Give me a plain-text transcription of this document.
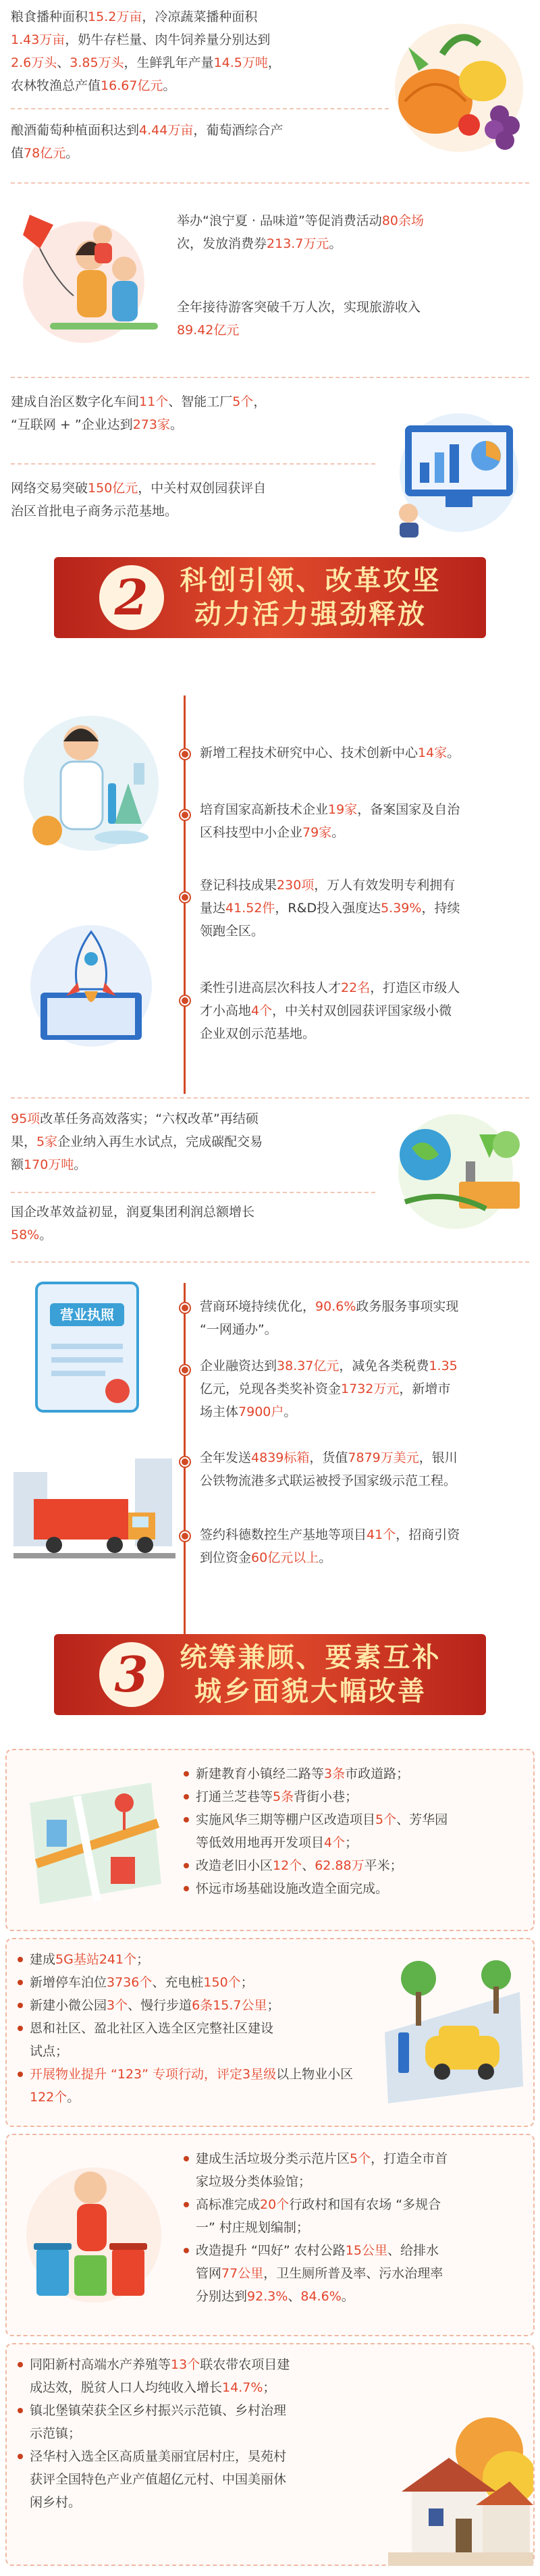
粮食播种面积15.2万亩，冷凉蔬菜播种面积
1.43万亩，奶牛存栏量、肉牛饲养量分别达到
2.6万头、3.85万头，生鲜乳年产量14.5万吨，
农林牧渔总产值16.67亿元。
酿酒葡萄种植面积达到4.44万亩，葡萄酒综合产
值78亿元。
举办“浪宁夏 · 品味道”等促消费活动80余场
次，发放消费券213.7万元。
全年接待游客突破千万人次，实现旅游收入
89.42亿元
建成自治区数字化车间11个、智能工厂5个，
“互联网 + ”企业达到273家。
网络交易突破150亿元，中关村双创园获评自
治区首批电子商务示范基地。
2	科创引领、改革攻坚
动力活力强劲释放
新增工程技术研究中心、技术创新中心14家。
培育国家高新技术企业19家，备案国家及自治
区科技型中小企业79家。
登记科技成果230项，万人有效发明专利拥有
量达41.52件，R&D投入强度达5.39%，持续
领跑全区。
柔性引进高层次科技人才22名，打造区市级人
才小高地4个，中关村双创园获评国家级小微
企业双创示范基地。
95项改革任务高效落实；“六权改革”再结硕
果，5家企业纳入再生水试点，完成碳配交易
额170万吨。
国企改革效益初显，润夏集团利润总额增长
58%。
营业执照	营商环境持续优化，90.6%政务服务事项实现
“一网通办”。
企业融资达到38.37亿元，减免各类税费1.35
亿元，兑现各类奖补资金1732万元，新增市
场主体7900户。
全年发送4839标箱，货值7879万美元，银川
公铁物流港多式联运被授予国家级示范工程。
签约科德数控生产基地等项目41个，招商引资
到位资金60亿元以上。
3	统筹兼顾、要素互补
城乡面貌大幅改善
新建教育小镇经二路等3条市政道路；
打通兰芝巷等5条背街小巷；
实施风华三期等棚户区改造项目5个、芳华园
等低效用地再开发项目4个；
改造老旧小区12个、62.88万平米；
怀远市场基础设施改造全面完成。
建成5G基站241个；
新增停车泊位3736个、充电桩150个；
新建小微公园3个、慢行步道6条15.7公里；
恩和社区、盈北社区入选全区完整社区建设
试点；
开展物业提升 “123” 专项行动，评定3星级以上物业小区122个。
建成生活垃圾分类示范片区5个，打造全市首
家垃圾分类体验馆；
高标准完成20个行政村和国有农场 “多规合
一” 村庄规划编制；
改造提升 “四好” 农村公路15公里、给排水
管网77公里，卫生厕所普及率、污水治理率
分别达到92.3%、84.6%。
同阳新村高端水产养殖等13个联农带农项目建
成达效，脱贫人口人均纯收入增长14.7%；
镇北堡镇荣获全区乡村振兴示范镇、乡村治理
示范镇；
泾华村入选全区高质量美丽宜居村庄，昊苑村
获评全国特色产业产值超亿元村、中国美丽休
闲乡村。
